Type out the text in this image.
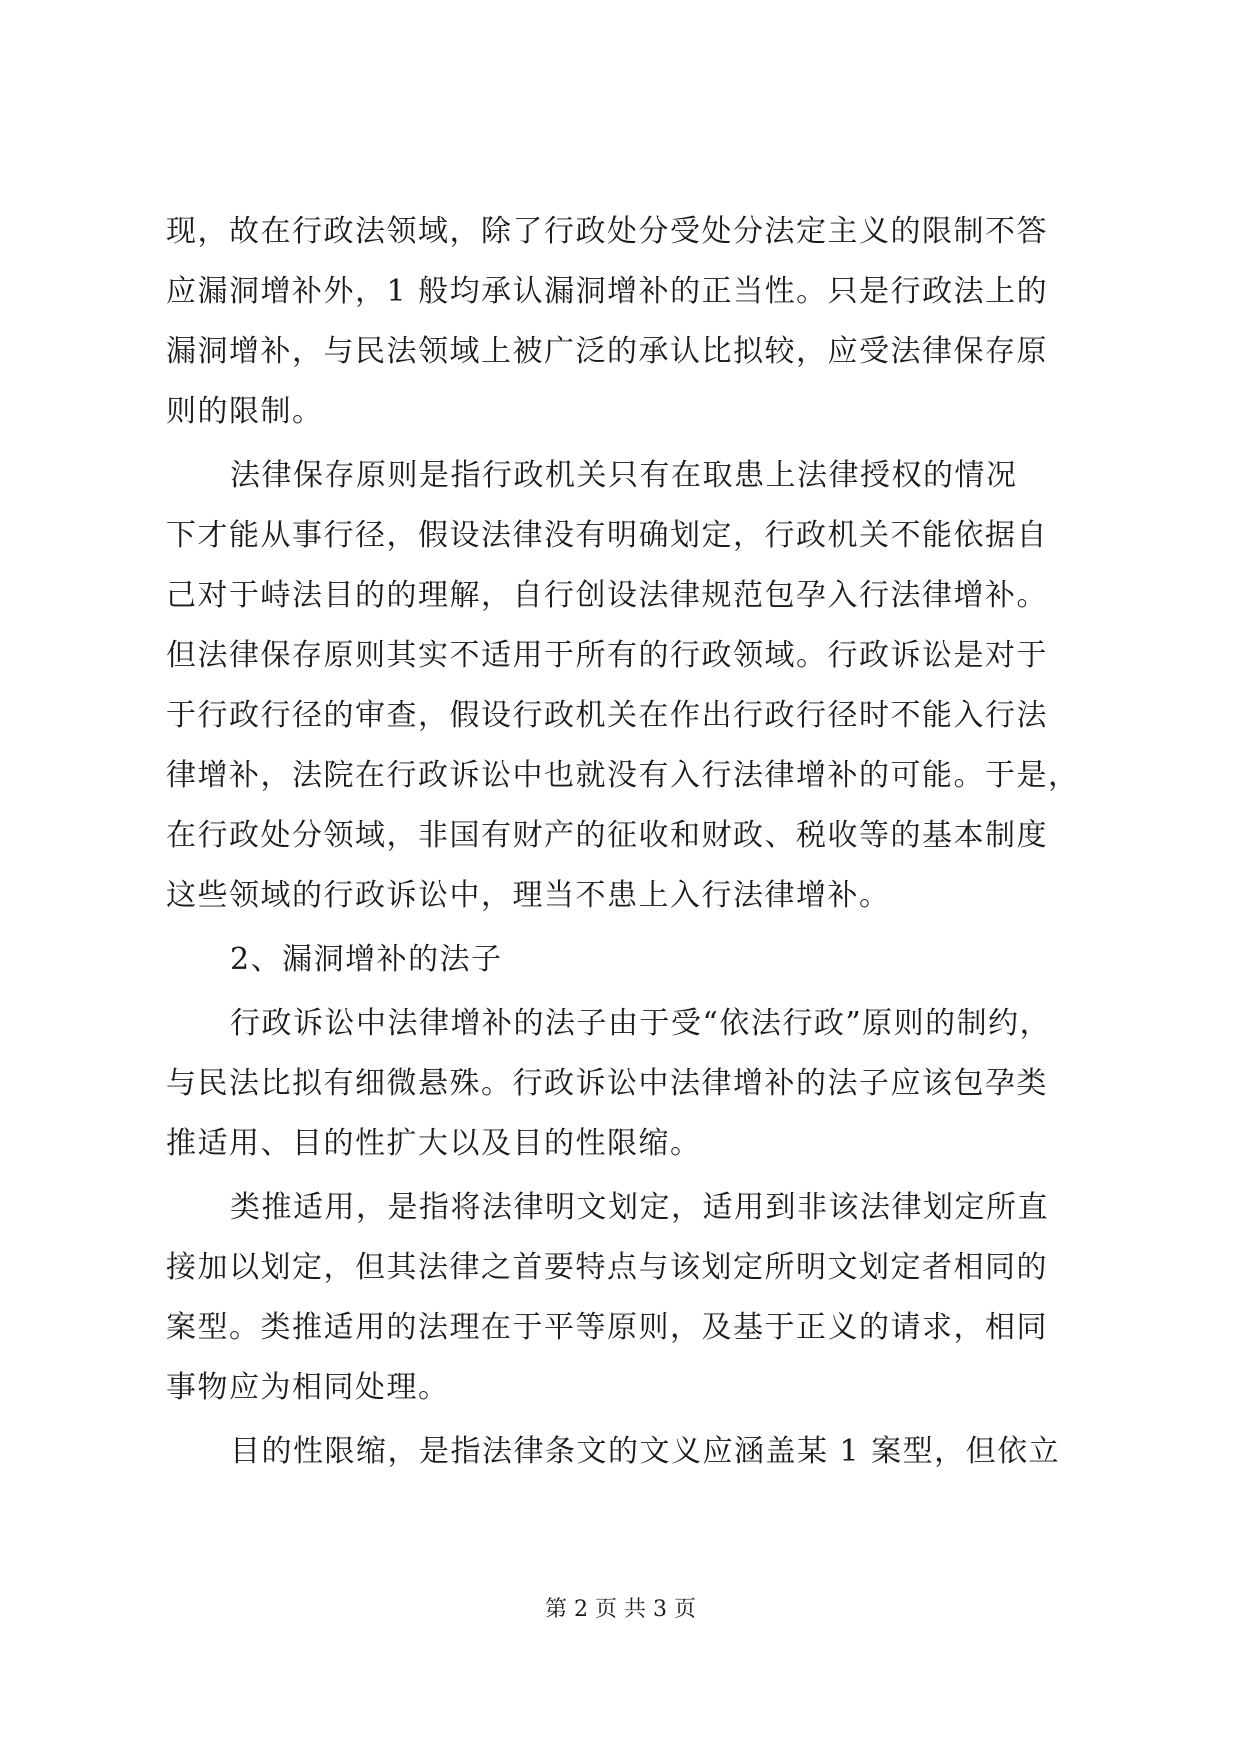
现，故在行政法领域，除了行政处分受处分法定主义的限制不答
应漏洞增补外，1 般均承认漏洞增补的正当性。只是行政法上的
漏洞增补，与民法领域上被广泛的承认比拟较，应受法律保存原
则的限制。
法律保存原则是指行政机关只有在取患上法律授权的情况
下才能从事行径，假设法律没有明确划定，行政机关不能依据自
己对于峙法目的的理解，自行创设法律规范包孕入行法律增补。
但法律保存原则其实不适用于所有的行政领域。行政诉讼是对于
于行政行径的审查，假设行政机关在作出行政行径时不能入行法
律增补，法院在行政诉讼中也就没有入行法律增补的可能。于是，
在行政处分领域，非国有财产的征收和财政、税收等的基本制度
这些领域的行政诉讼中，理当不患上入行法律增补。
2、漏洞增补的法子
行政诉讼中法律增补的法子由于受“依法行政”原则的制约，
与民法比拟有细微悬殊。行政诉讼中法律增补的法子应该包孕类
推适用、目的性扩大以及目的性限缩。
类推适用，是指将法律明文划定，适用到非该法律划定所直
接加以划定，但其法律之首要特点与该划定所明文划定者相同的
案型。类推适用的法理在于平等原则，及基于正义的请求，相同
事物应为相同处理。
目的性限缩，是指法律条文的文义应涵盖某 1 案型，但依立
第 2 页 共 3 页
